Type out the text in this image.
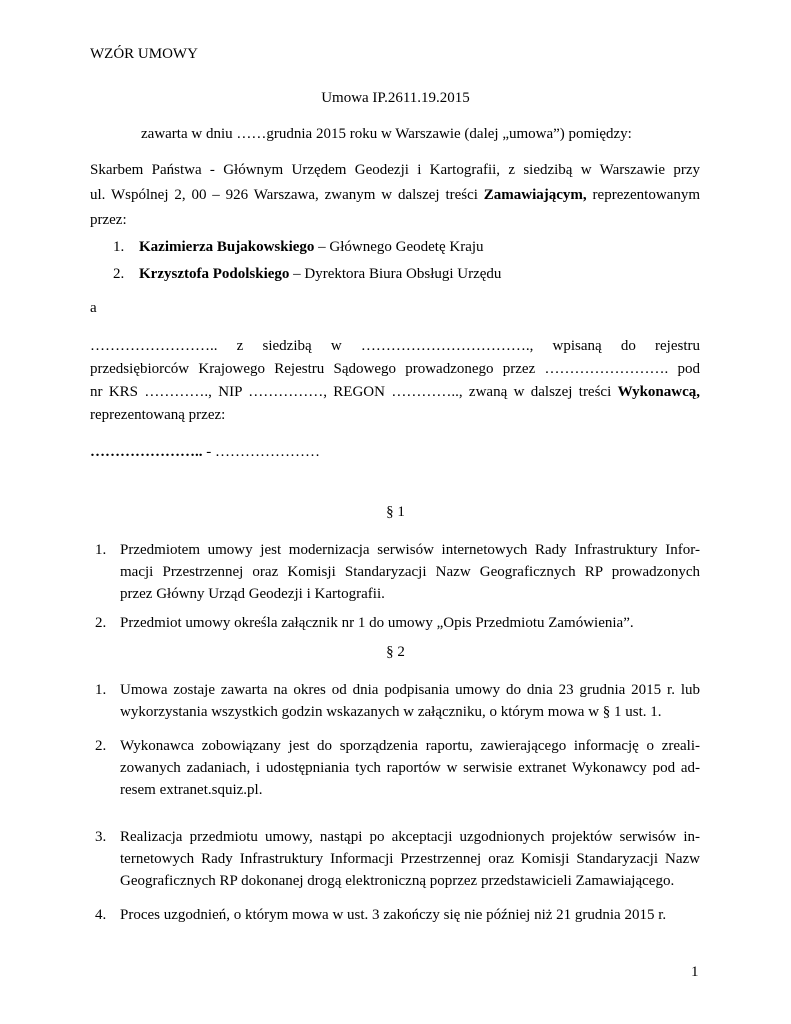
WZÓR UMOWY
Umowa IP.2611.19.2015
zawarta w dniu ……grudnia 2015 roku w Warszawie (dalej „umowa”) pomiędzy:
Skarbem Państwa - Głównym Urzędem Geodezji i Kartografii, z siedzibą w Warszawie przy
ul. Wspólnej 2, 00 – 926 Warszawa, zwanym w dalszej treści Zamawiającym, reprezentowanym
przez:
1. Kazimierza Bujakowskiego – Głównego Geodetę Kraju
2. Krzysztofa Podolskiego – Dyrektora Biura Obsługi Urzędu
a
…………………….. z siedzibą w ……………………………., wpisaną do rejestru
przedsiębiorców Krajowego Rejestru Sądowego prowadzonego przez ……………………. pod
nr KRS …………., NIP ……………, REGON ………….., zwaną w dalszej treści Wykonawcą,
reprezentowaną przez:
………………….. - …………………
§ 1
1. Przedmiotem umowy jest modernizacja serwisów internetowych Rady Infrastruktury Infor-
macji Przestrzennej oraz Komisji Standaryzacji Nazw Geograficznych RP prowadzonych
przez Główny Urząd Geodezji i Kartografii.
2. Przedmiot umowy określa załącznik nr 1 do umowy „Opis Przedmiotu Zamówienia”.
§ 2
1. Umowa zostaje zawarta na okres od dnia podpisania umowy do dnia 23 grudnia 2015 r. lub
wykorzystania wszystkich godzin wskazanych w załączniku, o którym mowa w § 1 ust. 1.
2. Wykonawca zobowiązany jest do sporządzenia raportu, zawierającego informację o zreali-
zowanych zadaniach, i udostępniania tych raportów w serwisie extranet Wykonawcy pod ad-
resem extranet.squiz.pl.
3. Realizacja przedmiotu umowy, nastąpi po akceptacji uzgodnionych projektów serwisów in-
ternetowych Rady Infrastruktury Informacji Przestrzennej oraz Komisji Standaryzacji Nazw
Geograficznych RP dokonanej drogą elektroniczną poprzez przedstawicieli Zamawiającego.
4. Proces uzgodnień, o którym mowa w ust. 3 zakończy się nie później niż 21 grudnia 2015 r.
1
